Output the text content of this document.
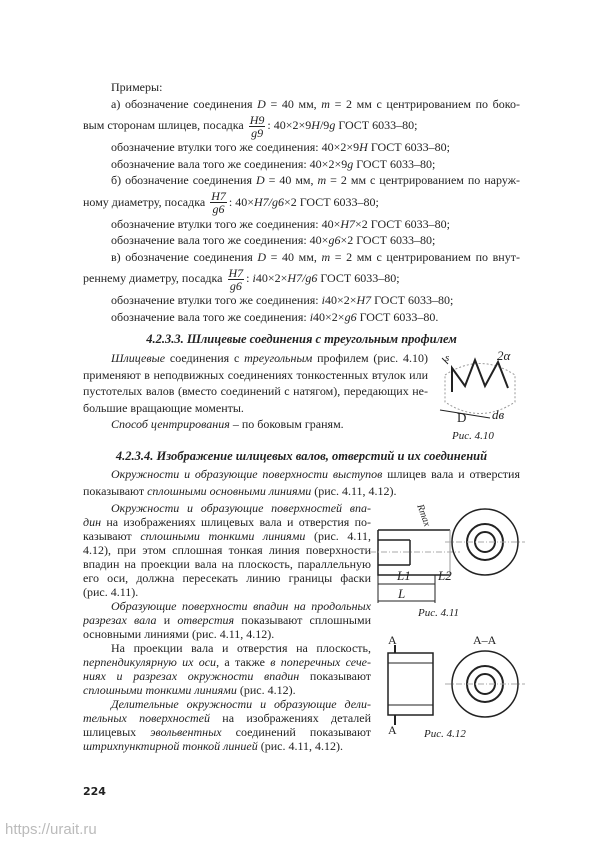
Примеры:
а) обозначение соединения D = 40 мм, m = 2 мм с центрированием по боко-
вым сторонам шлицев, посадка $\frac{H9}{g9}$ : 40×2×9H/9g ГОСТ 6033–80;
обозначение втулки того же соединения: 40×2×9H ГОСТ 6033–80;
обозначение вала того же соединения: 40×2×9g ГОСТ 6033–80;
б) обозначение соединения D = 40 мм, m = 2 мм с центрированием по наруж-
ному диаметру, посадка $\frac{H7}{g6}$ : 40×H7/g6×2 ГОСТ 6033–80;
обозначение втулки того же соединения: 40×H7×2 ГОСТ 6033–80;
обозначение вала того же соединения: 40×g6×2 ГОСТ 6033–80;
в) обозначение соединения D = 40 мм, m = 2 мм с центрированием по внут-
реннему диаметру, посадка $\frac{H7}{g6}$ : i40×2×H7/g6 ГОСТ 6033–80;
обозначение втулки того же соединения: i40×2×H7 ГОСТ 6033–80;
обозначение вала того же соединения: i40×2×g6 ГОСТ 6033–80.
4.2.3.3. Шлицевые соединения с треугольным профилем
Шлицевые соединения с треугольным профилем (рис. 4.10)
применяют в неподвижных соединениях тонкостенных втулок или
пустотелых валов (вместо соединений с натягом), передающих не-
большие вращающие моменты.
Способ центрирования – по боковым граням.
s	2α
D dв
Рис. 4.10
4.2.3.4. Изображение шлицевых валов, отверстий и их соединений
Окружности и образующие поверхности выступов шлицев вала и отверстия
показывают сплошными основными линиями (рис. 4.11, 4.12).
Окружности и образующие поверхностей впа-
дин на изображениях шлицевых вала и отверстия по-
казывают сплошными тонкими линиями (рис. 4.11,
4.12), при этом сплошная тонкая линия поверхности
впадин на проекции вала на плоскость, параллельную
его оси, должна пересекать линию границы фаски
(рис. 4.11).
Образующие поверхности впадин на продольных
разрезах вала и отверстия показывают сплошными
основными линиями (рис. 4.11, 4.12).
На проекции вала и отверстия на плоскость,
перпендикулярную их оси, а также в поперечных сече-
ниях и разрезах окружности впадин показывают
сплошными тонкими линиями (рис. 4.12).
Делительные окружности и образующие дели-
тельных поверхностей на изображениях деталей
шлицевых эвольвентных соединений показывают
штрихпунктирной тонкой линией (рис. 4.11, 4.12).
Rmax
L1 L2
L
Рис. 4.11
A
A
A–A
Рис. 4.12
224
https://urait.ru
